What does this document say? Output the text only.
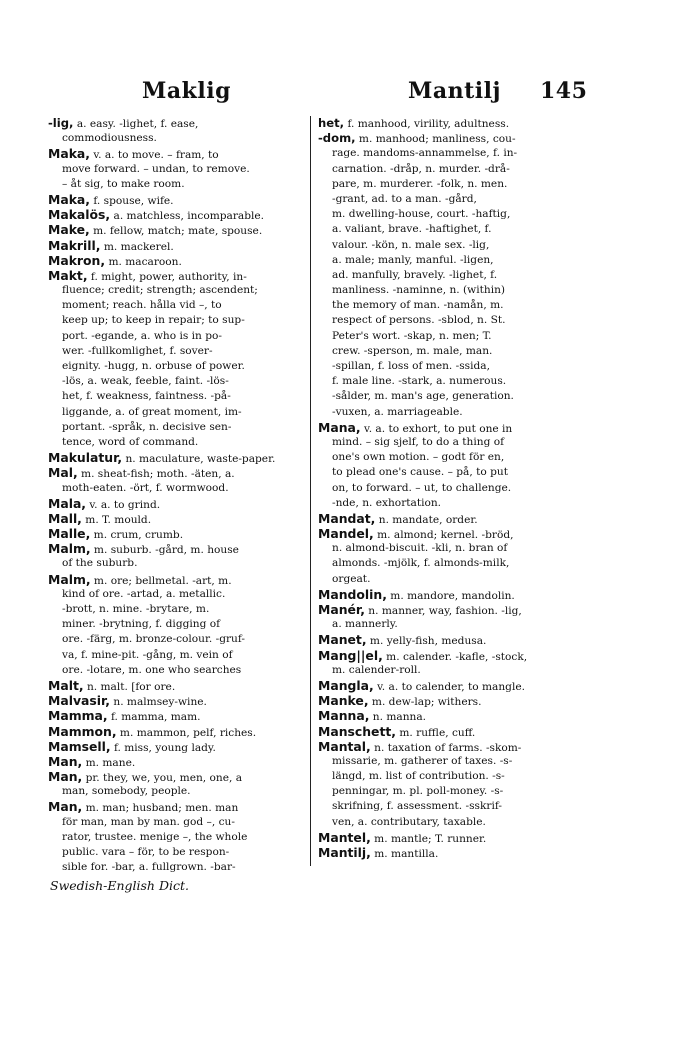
Maklig	Mantilj 145
-lig, a. easy. -lighet, f. ease,
commodiousness.
Maka, v. a. to move. – fram, to
move forward. – undan, to remove.
– åt sig, to make room.
Maka, f. spouse, wife.
Makalös, a. matchless, incomparable.
Make, m. fellow, match; mate, spouse.
Makrill, m. mackerel.
Makron, m. macaroon.
Makt, f. might, power, authority, in-
fluence; credit; strength; ascendent;
moment; reach. hålla vid –, to
keep up; to keep in repair; to sup-
port. -egande, a. who is in po-
wer. -fullkomlighet, f. sover-
eignity. -hugg, n. orbuse of power.
-lös, a. weak, feeble, faint. -lös-
het, f. weakness, faintness. -på-
liggande, a. of great moment, im-
portant. -språk, n. decisive sen-
tence, word of command.
Makulatur, n. maculature, waste-paper.
Mal, m. sheat-fish; moth. -äten, a.
moth-eaten. -ört, f. wormwood.
Mala, v. a. to grind.
Mall, m. T. mould.
Malle, m. crum, crumb.
Malm, m. suburb. -gård, m. house
of the suburb.
Malm, m. ore; bellmetal. -art, m.
kind of ore. -artad, a. metallic.
-brott, n. mine. -brytare, m.
miner. -brytning, f. digging of
ore. -färg, m. bronze-colour. -gruf-
va, f. mine-pit. -gång, m. vein of
ore. -lotare, m. one who searches
Malt, n. malt. [for ore.
Malvasir, n. malmsey-wine.
Mamma, f. mamma, mam.
Mammon, m. mammon, pelf, riches.
Mamsell, f. miss, young lady.
Man, m. mane.
Man, pr. they, we, you, men, one, a
man, somebody, people.
Man, m. man; husband; men. man
för man, man by man. god –, cu-
rator, trustee. menige –, the whole
public. vara – för, to be respon-
sible for. -bar, a. fullgrown. -bar-
het, f. manhood, virility, adultness.
-dom, m. manhood; manliness, cou-
rage. mandoms-annammelse, f. in-
carnation. -dråp, n. murder. -drå-
pare, m. murderer. -folk, n. men.
-grant, ad. to a man. -gård,
m. dwelling-house, court. -haftig,
a. valiant, brave. -haftighet, f.
valour. -kön, n. male sex. -lig,
a. male; manly, manful. -ligen,
ad. manfully, bravely. -lighet, f.
manliness. -naminne, n. (within)
the memory of man. -namån, m.
respect of persons. -sblod, n. St.
Peter's wort. -skap, n. men; T.
crew. -sperson, m. male, man.
-spillan, f. loss of men. -ssida,
f. male line. -stark, a. numerous.
-sålder, m. man's age, generation.
-vuxen, a. marriageable.
Mana, v. a. to exhort, to put one in
mind. – sig sjelf, to do a thing of
one's own motion. – godt för en,
to plead one's cause. – på, to put
on, to forward. – ut, to challenge.
-nde, n. exhortation.
Mandat, n. mandate, order.
Mandel, m. almond; kernel. -bröd,
n. almond-biscuit. -kli, n. bran of
almonds. -mjölk, f. almonds-milk,
orgeat.
Mandolin, m. mandore, mandolin.
Manér, n. manner, way, fashion. -lig,
a. mannerly.
Manet, m. yelly-fish, medusa.
Mang||el, m. calender. -kafle, -stock,
m. calender-roll.
Mangla, v. a. to calender, to mangle.
Manke, m. dew-lap; withers.
Manna, n. manna.
Manschett, m. ruffle, cuff.
Mantal, n. taxation of farms. -skom-
missarie, m. gatherer of taxes. -s-
längd, m. list of contribution. -s-
penningar, m. pl. poll-money. -s-
skrifning, f. assessment. -sskrif-
ven, a. contributary, taxable.
Mantel, m. mantle; T. runner.
Mantilj, m. mantilla.
Swedish-English Dict.
